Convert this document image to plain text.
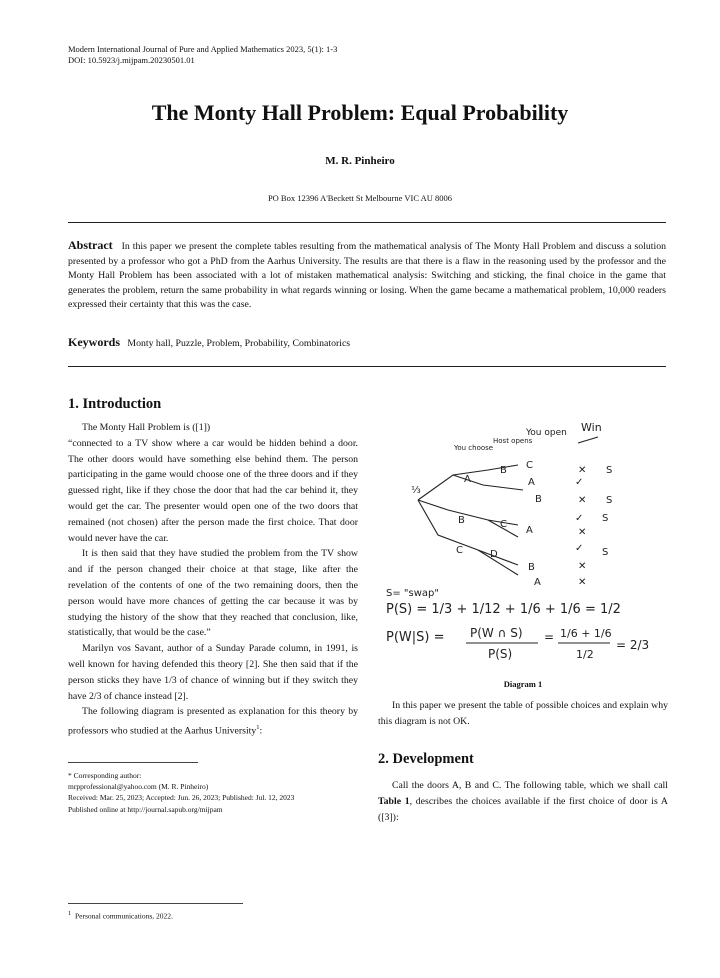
Modern International Journal of Pure and Applied Mathematics 2023, 5(1): 1-3
DOI: 10.5923/j.mijpam.20230501.01
The Monty Hall Problem: Equal Probability
M. R. Pinheiro
PO Box 12396 A'Beckett St Melbourne VIC AU 8006
Abstract In this paper we present the complete tables resulting from the mathematical analysis of The Monty Hall Problem and discuss a solution presented by a professor who got a PhD from the Aarhus University. The results are that there is a flaw in the reasoning used by the professor and the Monty Hall Problem has been associated with a lot of mistaken mathematical analysis: Switching and sticking, the final choice in the game that generates the problem, return the same probability in what regards winning or losing. When the game became a mathematical problem, 10,000 readers expressed their certainty that this was the case.
Keywords Monty hall, Puzzle, Problem, Probability, Combinatorics
1. Introduction

The Monty Hall Problem is ([1])

“connected to a TV show where a car would be hidden behind a door. The other doors would have something else behind them. The person participating in the game would choose one of the three doors and if they guessed right, like if they chose the door that had the car behind it, they would get the car. The presenter would open one of the two doors that remained (not chosen) after the person made the first choice. That door would never have the car.

It is then said that they have studied the problem from the TV show and if the person changed their choice at that stage, like after the revelation of the contents of one of the two remaining doors, then the person would have more chances of getting the car because it was by studying the history of the show that they reached that conclusion, like, statistically, that would be the case.”

Marilyn vos Savant, author of a Sunday Parade column, in 1991, is well known for having defended this theory [2]. She then said that if the person sticks they have 1/3 of chance of winning but if they switch they have 2/3 of chance instead [2].

The following diagram is presented as explanation for this theory by professors who studied at the Aarhus University$^1$:

* Corresponding author:
mrpprofessional@yahoo.com (M. R. Pinheiro)
Received: Mar. 25, 2023; Accepted: Jun. 26, 2023; Published: Jul. 12, 2023
Published online at http://journal.sapub.org/mijpam
You choose
Host opens
You open Win
⅓
A
B C
A
B
B	C
A
C	D
B
A
✕ S
✓
✕ S
✓ S
✕
✓ S
✕
✕
S= "swap"
P(S) = 1/3 + 1/12 + 1/6 + 1/6 = 1/2
P(W|S) = P(W ∩ S)
P(S)
= 1/6 + 1/6
1/2
= 2/3
Diagram 1

In this paper we present the table of possible choices and explain why this diagram is not OK.

2. Development

Call the doors A, B and C. The following table, which we shall call Table 1, describes the choices available if the first choice of door is A ([3]):

$^1$ Personal communications, 2022.
